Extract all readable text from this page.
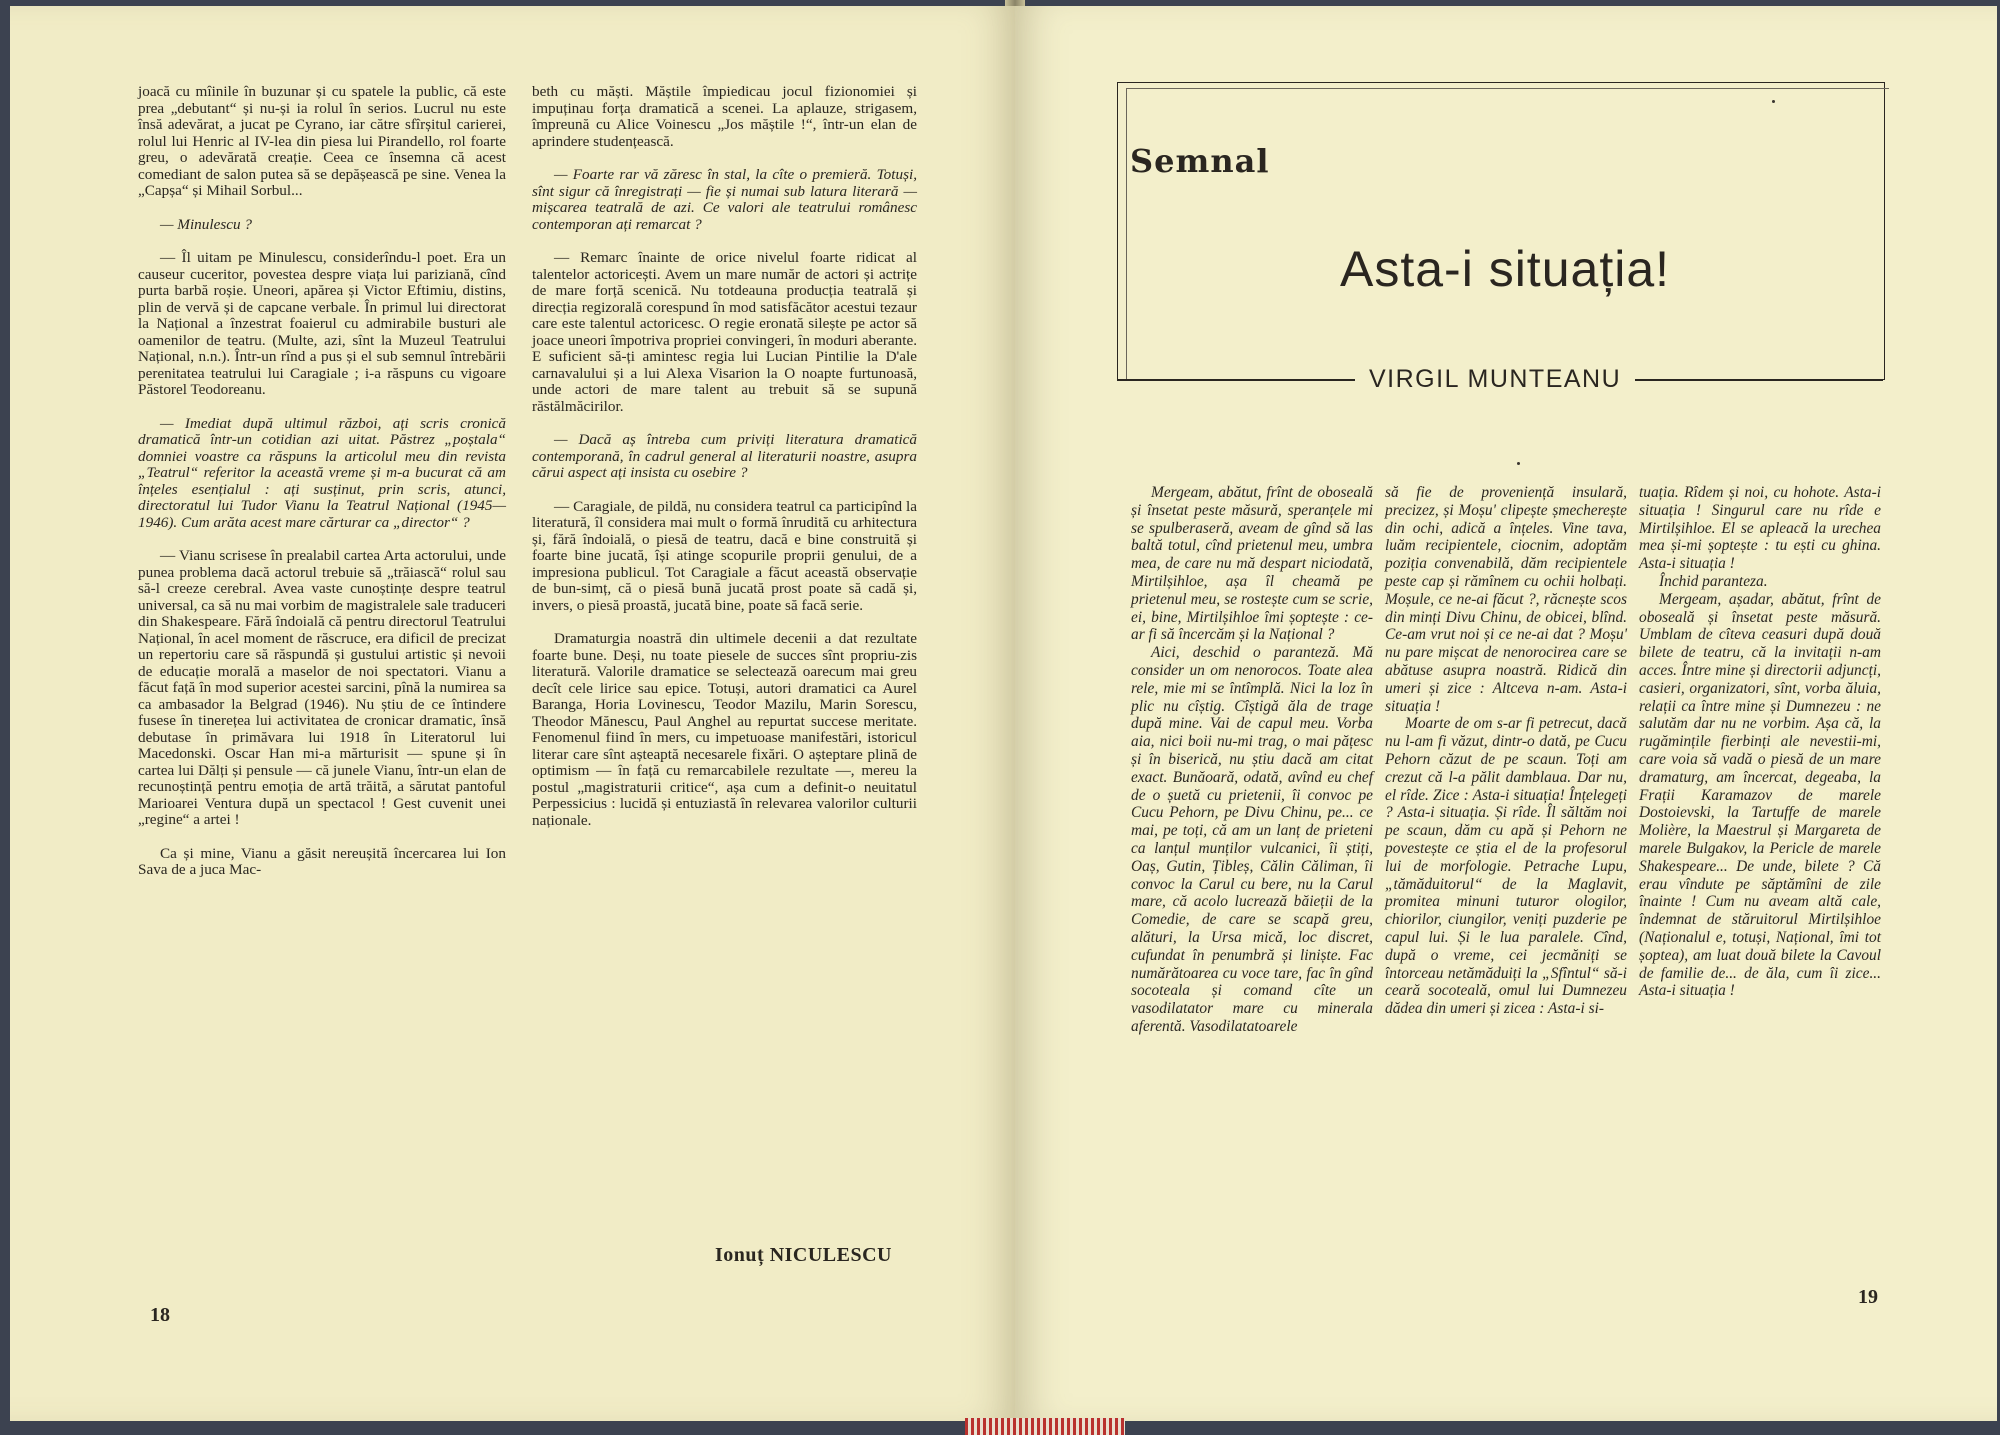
joacă cu mîinile în buzunar și cu spatele la public, că este prea „debutant“ și nu-și ia rolul în serios. Lucrul nu este însă adevărat, a jucat pe Cyrano, iar către sfîrșitul carierei, rolul lui Henric al IV-lea din piesa lui Pirandello, rol foarte greu, o adevărată creație. Ceea ce însemna că acest comediant de salon putea să se depășească pe sine. Venea la „Capșa“ și Mihail Sorbul...

— Minulescu ?

— Îl uitam pe Minulescu, considerîndu-l poet. Era un causeur cuceritor, povestea despre viața lui pariziană, cînd purta barbă roșie. Uneori, apărea și Victor Eftimiu, distins, plin de vervă și de capcane verbale. În primul lui directorat la Național a înzestrat foaierul cu admirabile busturi ale oamenilor de teatru. (Multe, azi, sînt la Muzeul Teatrului Național, n.n.). Într-un rînd a pus și el sub semnul întrebării perenitatea teatrului lui Caragiale ; i-a răspuns cu vigoare Păstorel Teodoreanu.

— Imediat după ultimul război, ați scris cronică dramatică într-un cotidian azi uitat. Păstrez „poștala“ domniei voastre ca răspuns la articolul meu din revista „Teatrul“ referitor la această vreme și m-a bucurat că am înțeles esențialul : ați susținut, prin scris, atunci, directoratul lui Tudor Vianu la Teatrul Național (1945—1946). Cum arăta acest mare cărturar ca „director“ ?

— Vianu scrisese în prealabil cartea Arta actorului, unde punea problema dacă actorul trebuie să „trăiască“ rolul sau să-l creeze cerebral. Avea vaste cunoștințe despre teatrul universal, ca să nu mai vorbim de magistralele sale traduceri din Shakespeare. Fără îndoială că pentru directorul Teatrului Național, în acel moment de răscruce, era dificil de precizat un repertoriu care să răspundă și gustului artistic și nevoii de educație morală a maselor de noi spectatori. Vianu a făcut față în mod superior acestei sarcini, pînă la numirea sa ca ambasador la Belgrad (1946). Nu știu de ce întindere fusese în tinerețea lui activitatea de cronicar dramatic, însă debutase în primăvara lui 1918 în Literatorul lui Macedonski. Oscar Han mi-a mărturisit — spune și în cartea lui Dălți și pensule — că junele Vianu, într-un elan de recunoștință pentru emoția de artă trăită, a sărutat pantoful Marioarei Ventura după un spectacol ! Gest cuvenit unei „regine“ a artei !

Ca și mine, Vianu a găsit nereușită încercarea lui Ion Sava de a juca Mac-

beth cu măști. Măștile împiedicau jocul fizionomiei și impuținau forța dramatică a scenei. La aplauze, strigasem, împreună cu Alice Voinescu „Jos măștile !“, într-un elan de aprindere studențească.

— Foarte rar vă zăresc în stal, la cîte o premieră. Totuși, sînt sigur că înregistrați — fie și numai sub latura literară — mișcarea teatrală de azi. Ce valori ale teatrului românesc contemporan ați remarcat ?

— Remarc înainte de orice nivelul foarte ridicat al talentelor actoricești. Avem un mare număr de actori și actrițe de mare forță scenică. Nu totdeauna producția teatrală și direcția regizorală corespund în mod satisfăcător acestui tezaur care este talentul actoricesc. O regie eronată silește pe actor să joace uneori împotriva propriei convingeri, în moduri aberante. E suficient să-ți amintesc regia lui Lucian Pintilie la D'ale carnavalului și a lui Alexa Visarion la O noapte furtunoasă, unde actori de mare talent au trebuit să se supună răstălmăcirilor.

— Dacă aș întreba cum priviți literatura dramatică contemporană, în cadrul general al literaturii noastre, asupra cărui aspect ați insista cu osebire ?

— Caragiale, de pildă, nu considera teatrul ca participînd la literatură, îl considera mai mult o formă înrudită cu arhitectura și, fără îndoială, o piesă de teatru, dacă e bine construită și foarte bine jucată, își atinge scopurile proprii genului, de a impresiona publicul. Tot Caragiale a făcut această observație de bun-simț, că o piesă bună jucată prost poate să cadă și, invers, o piesă proastă, jucată bine, poate să facă serie.

Dramaturgia noastră din ultimele decenii a dat rezultate foarte bune. Deși, nu toate piesele de succes sînt propriu-zis literatură. Valorile dramatice se selectează oarecum mai greu decît cele lirice sau epice. Totuși, autori dramatici ca Aurel Baranga, Horia Lovinescu, Teodor Mazilu, Marin Sorescu, Theodor Mănescu, Paul Anghel au repurtat succese meritate. Fenomenul fiind în mers, cu impetuoase manifestări, istoricul literar care sînt așteaptă necesarele fixări. O așteptare plină de optimism — în față cu remarcabilele rezultate —, mereu la postul „magistraturii critice“, așa cum a definit-o neuitatul Perpessicius : lucidă și entuziastă în relevarea valorilor culturii naționale.

Ionuț NICULESCU
18
Semnal
Asta-i situația!
VIRGIL MUNTEANU

Mergeam, abătut, frînt de oboseală și însetat peste măsură, speranțele mi se spulberaseră, aveam de gînd să las baltă totul, cînd prietenul meu, umbra mea, de care nu mă despart niciodată, Mirtilșihloe, așa îl cheamă pe prietenul meu, se rostește cum se scrie, ei, bine, Mirtilșihloe îmi șoptește : ce-ar fi să încercăm și la Național ?

Aici, deschid o paranteză. Mă consider un om nenorocos. Toate alea rele, mie mi se întîmplă. Nici la loz în plic nu cîștig. Cîștigă ăla de trage după mine. Vai de capul meu. Vorba aia, nici boii nu-mi trag, o mai pățesc și în biserică, nu știu dacă am citat exact. Bunăoară, odată, avînd eu chef de o șuetă cu prietenii, îi convoc pe Cucu Pehorn, pe Divu Chinu, pe... ce mai, pe toți, că am un lanț de prieteni ca lanțul munților vulcanici, îi știți, Oaș, Gutin, Țibleș, Călin Căliman, îi convoc la Carul cu bere, nu la Carul mare, că acolo lucrează băieții de la Comedie, de care se scapă greu, alături, la Ursa mică, loc discret, cufundat în penumbră și liniște. Fac numărătoarea cu voce tare, fac în gînd socoteala și comand cîte un vasodilatator mare cu minerala aferentă. Vasodilatatoarele

să fie de proveniență insulară, precizez, și Moșu' clipește șmecherește din ochi, adică a înțeles. Vine tava, luăm recipientele, ciocnim, adoptăm poziția convenabilă, dăm recipientele peste cap și rămînem cu ochii holbați. Moșule, ce ne-ai făcut ?, răcnește scos din minți Divu Chinu, de obicei, blînd. Ce-am vrut noi și ce ne-ai dat ? Moșu' nu pare mișcat de nenorocirea care se abătuse asupra noastră. Ridică din umeri și zice : Altceva n-am. Asta-i situația !

Moarte de om s-ar fi petrecut, dacă nu l-am fi văzut, dintr-o dată, pe Cucu Pehorn căzut de pe scaun. Toți am crezut că l-a pălit damblaua. Dar nu, el rîde. Zice : Asta-i situația! Înțelegeți ? Asta-i situația. Și rîde. Îl săltăm noi pe scaun, dăm cu apă și Pehorn ne povestește ce știa el de la profesorul lui de morfologie. Petrache Lupu, „tămăduitorul“ de la Maglavit, promitea minuni tuturor ologilor, chiorilor, ciungilor, veniți puzderie pe capul lui. Și le lua paralele. Cînd, după o vreme, cei jecmăniți se întorceau netămăduiți la „Sfîntul“ să-i ceară socoteală, omul lui Dumnezeu dădea din umeri și zicea : Asta-i si-

tuația. Rîdem și noi, cu hohote. Asta-i situația ! Singurul care nu rîde e Mirtilșihloe. El se apleacă la urechea mea și-mi șoptește : tu ești cu ghina. Asta-i situația !

Închid paranteza.

Mergeam, așadar, abătut, frînt de oboseală și însetat peste măsură. Umblam de cîteva ceasuri după două bilete de teatru, că la invitații n-am acces. Între mine și directorii adjuncți, casieri, organizatori, sînt, vorba ăluia, relații ca între mine și Dumnezeu : ne salutăm dar nu ne vorbim. Așa că, la rugămințile fierbinți ale nevestii-mi, care voia să vadă o piesă de un mare dramaturg, am încercat, degeaba, la Frații Karamazov de marele Dostoievski, la Tartuffe de marele Molière, la Maestrul și Margareta de marele Bulgakov, la Pericle de marele Shakespeare... De unde, bilete ? Că erau vîndute pe săptămîni de zile înainte ! Cum nu aveam altă cale, îndemnat de stăruitorul Mirtilșihloe (Naționalul e, totuși, Național, îmi tot șoptea), am luat două bilete la Cavoul de familie de... de ăla, cum îi zice... Asta-i situația !

19
